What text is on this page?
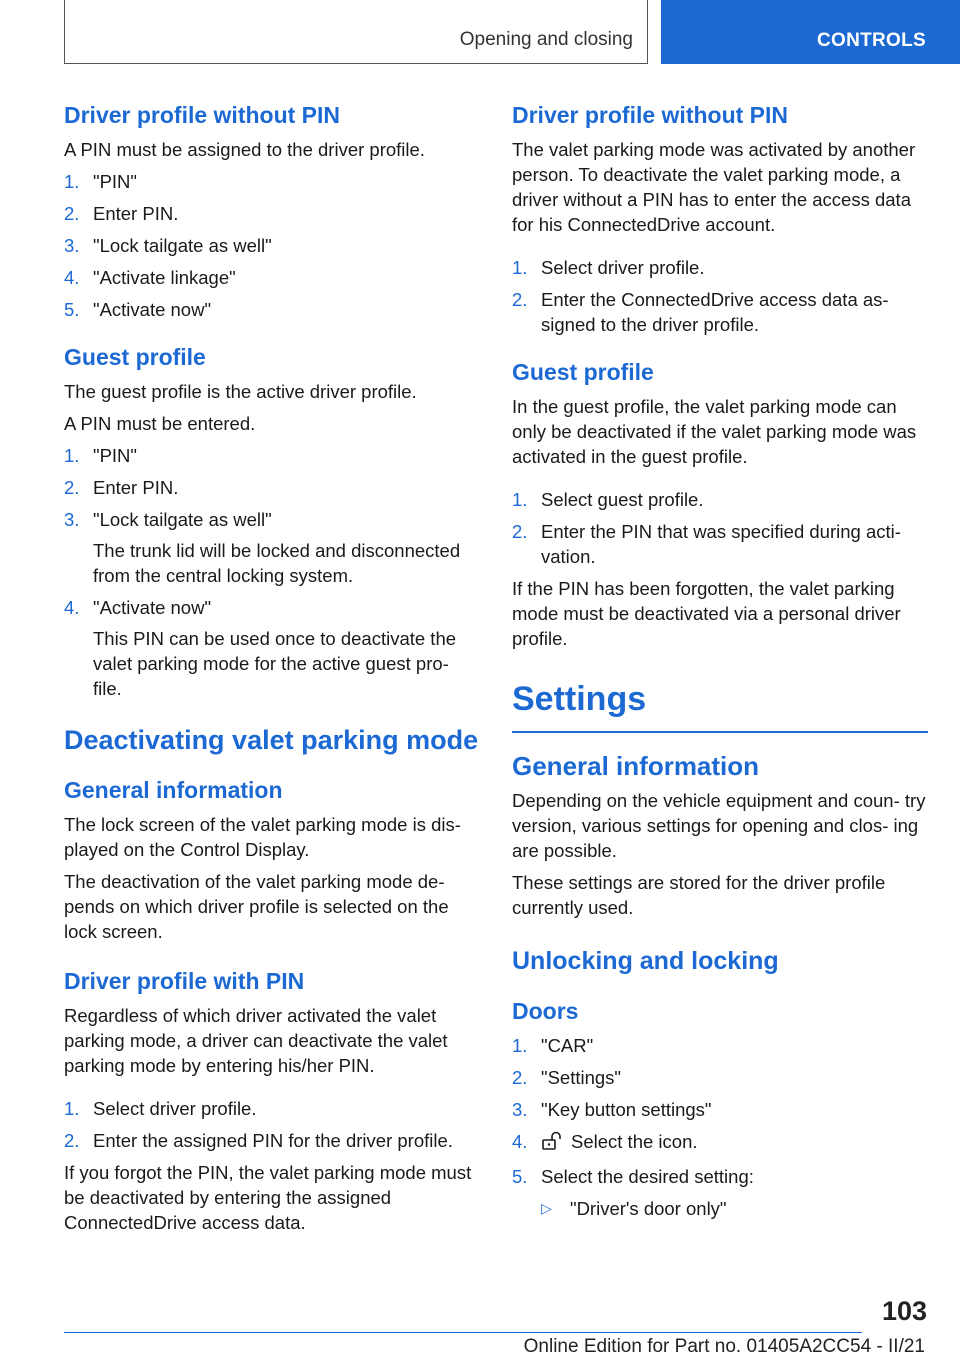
Opening and closing	CONTROLS
Driver profile without PIN

A PIN must be assigned to the driver profile.

1. "PIN"
2. Enter PIN.
3. "Lock tailgate as well"
4. "Activate linkage"
5. "Activate now"
Guest profile

The guest profile is the active driver profile.

A PIN must be entered.

1. "PIN"
2. Enter PIN.
3. "Lock tailgate as well"
The trunk lid will be locked and disconnected from the central locking system.
4. "Activate now"
This PIN can be used once to deactivate the valet parking mode for the active guest pro‐ file.
Deactivating valet parking mode
General information

The lock screen of the valet parking mode is dis‐ played on the Control Display.

The deactivation of the valet parking mode de‐ pends on which driver profile is selected on the lock screen.

Driver profile with PIN

Regardless of which driver activated the valet parking mode, a driver can deactivate the valet parking mode by entering his/her PIN.

1. Select driver profile.
2. Enter the assigned PIN for the driver profile.

If you forgot the PIN, the valet parking mode must be deactivated by entering the assigned ConnectedDrive access data.

Driver profile without PIN

The valet parking mode was activated by another person. To deactivate the valet parking mode, a driver without a PIN has to enter the access data for his ConnectedDrive account.

1. Select driver profile.
2. Enter the ConnectedDrive access data as‐ signed to the driver profile.
Guest profile

In the guest profile, the valet parking mode can only be deactivated if the valet parking mode was activated in the guest profile.

1. Select guest profile.
2. Enter the PIN that was specified during acti‐ vation.

If the PIN has been forgotten, the valet parking mode must be deactivated via a personal driver profile.

Settings
General information

Depending on the vehicle equipment and coun‐ try version, various settings for opening and clos‐ ing are possible.

These settings are stored for the driver profile currently used.

Unlocking and locking
Doors
1. "CAR"
2. "Settings"
3. "Key button settings"
4. Select the icon.
5. Select the desired setting:
▷ "Driver's door only"
103
Online Edition for Part no. 01405A2CC54 - II/21
